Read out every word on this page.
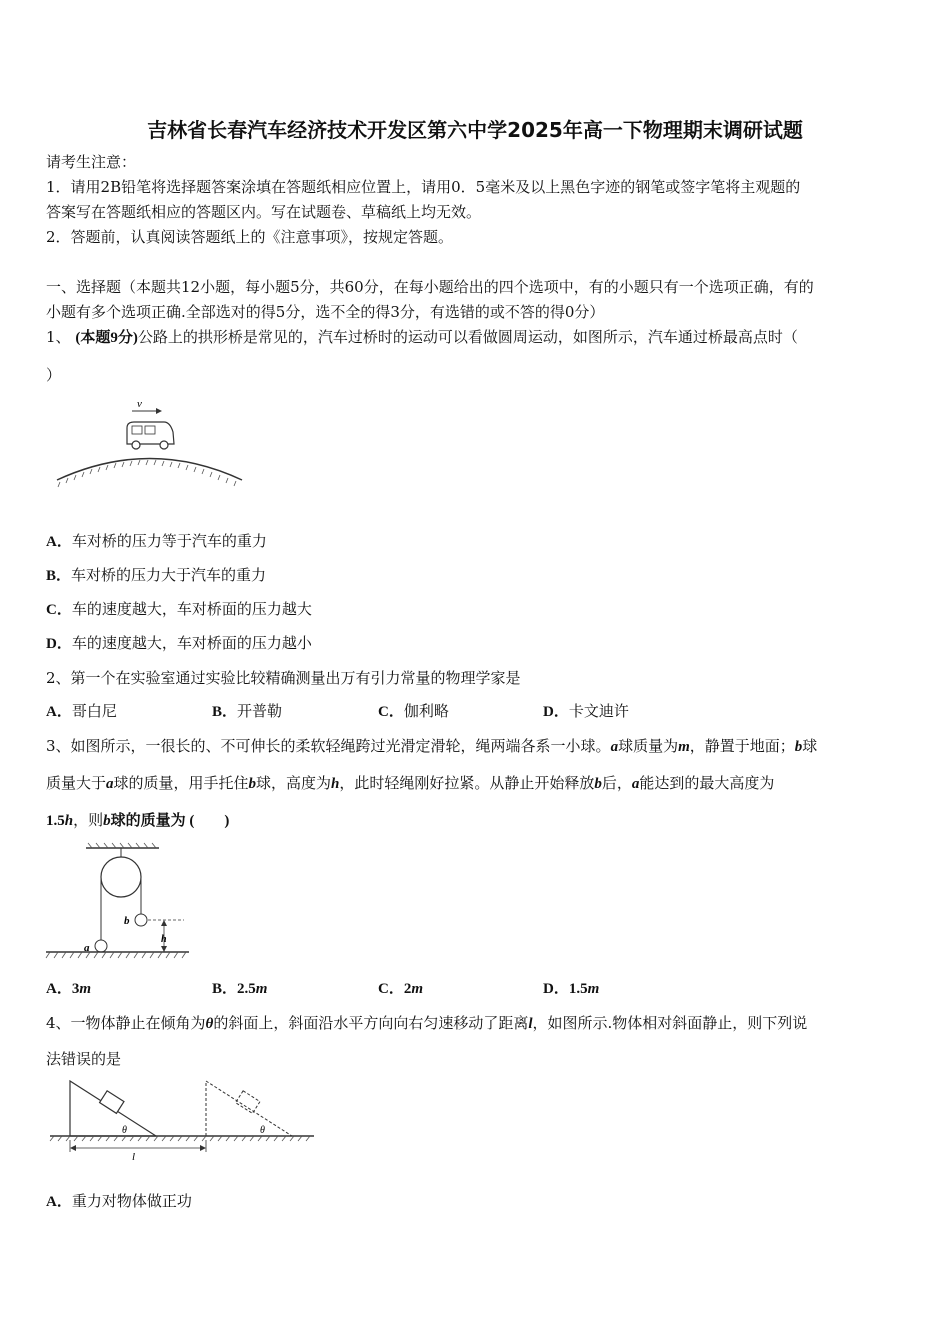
吉林省长春汽车经济技术开发区第六中学2025年高一下物理期末调研试题
请考生注意：
1．请用2B铅笔将选择题答案涂填在答题纸相应位置上，请用0．5毫米及以上黑色字迹的钢笔或签字笔将主观题的
答案写在答题纸相应的答题区内。写在试题卷、草稿纸上均无效。
2．答题前，认真阅读答题纸上的《注意事项》，按规定答题。
一、选择题（本题共12小题，每小题5分，共60分，在每小题给出的四个选项中，有的小题只有一个选项正确，有的
小题有多个选项正确.全部选对的得5分，选不全的得3分，有选错的或不答的得0分）
1、 (本题9分)公路上的拱形桥是常见的，汽车过桥时的运动可以看做圆周运动，如图所示，汽车通过桥最高点时（
）
v
A．车对桥的压力等于汽车的重力
B．车对桥的压力大于汽车的重力
C．车的速度越大，车对桥面的压力越大
D．车的速度越大，车对桥面的压力越小
2、第一个在实验室通过实验比较精确测量出万有引力常量的物理学家是
A．哥白尼	B．开普勒	C．伽利略	D．卡文迪许
3、如图所示，一很长的、不可伸长的柔软轻绳跨过光滑定滑轮，绳两端各系一小球。a球质量为m，静置于地面；b球
质量大于a球的质量，用手托住b球，高度为h，此时轻绳刚好拉紧。从静止开始释放b后，a能达到的最大高度为
1.5h，则b球的质量为 (　　)
b
h
a
A．3m	B．2.5m	C．2m	D．1.5m
4、一物体静止在倾角为θ的斜面上，斜面沿水平方向向右匀速移动了距离l，如图所示.物体相对斜面静止，则下列说
法错误的是
θ	θ
l
A．重力对物体做正功
